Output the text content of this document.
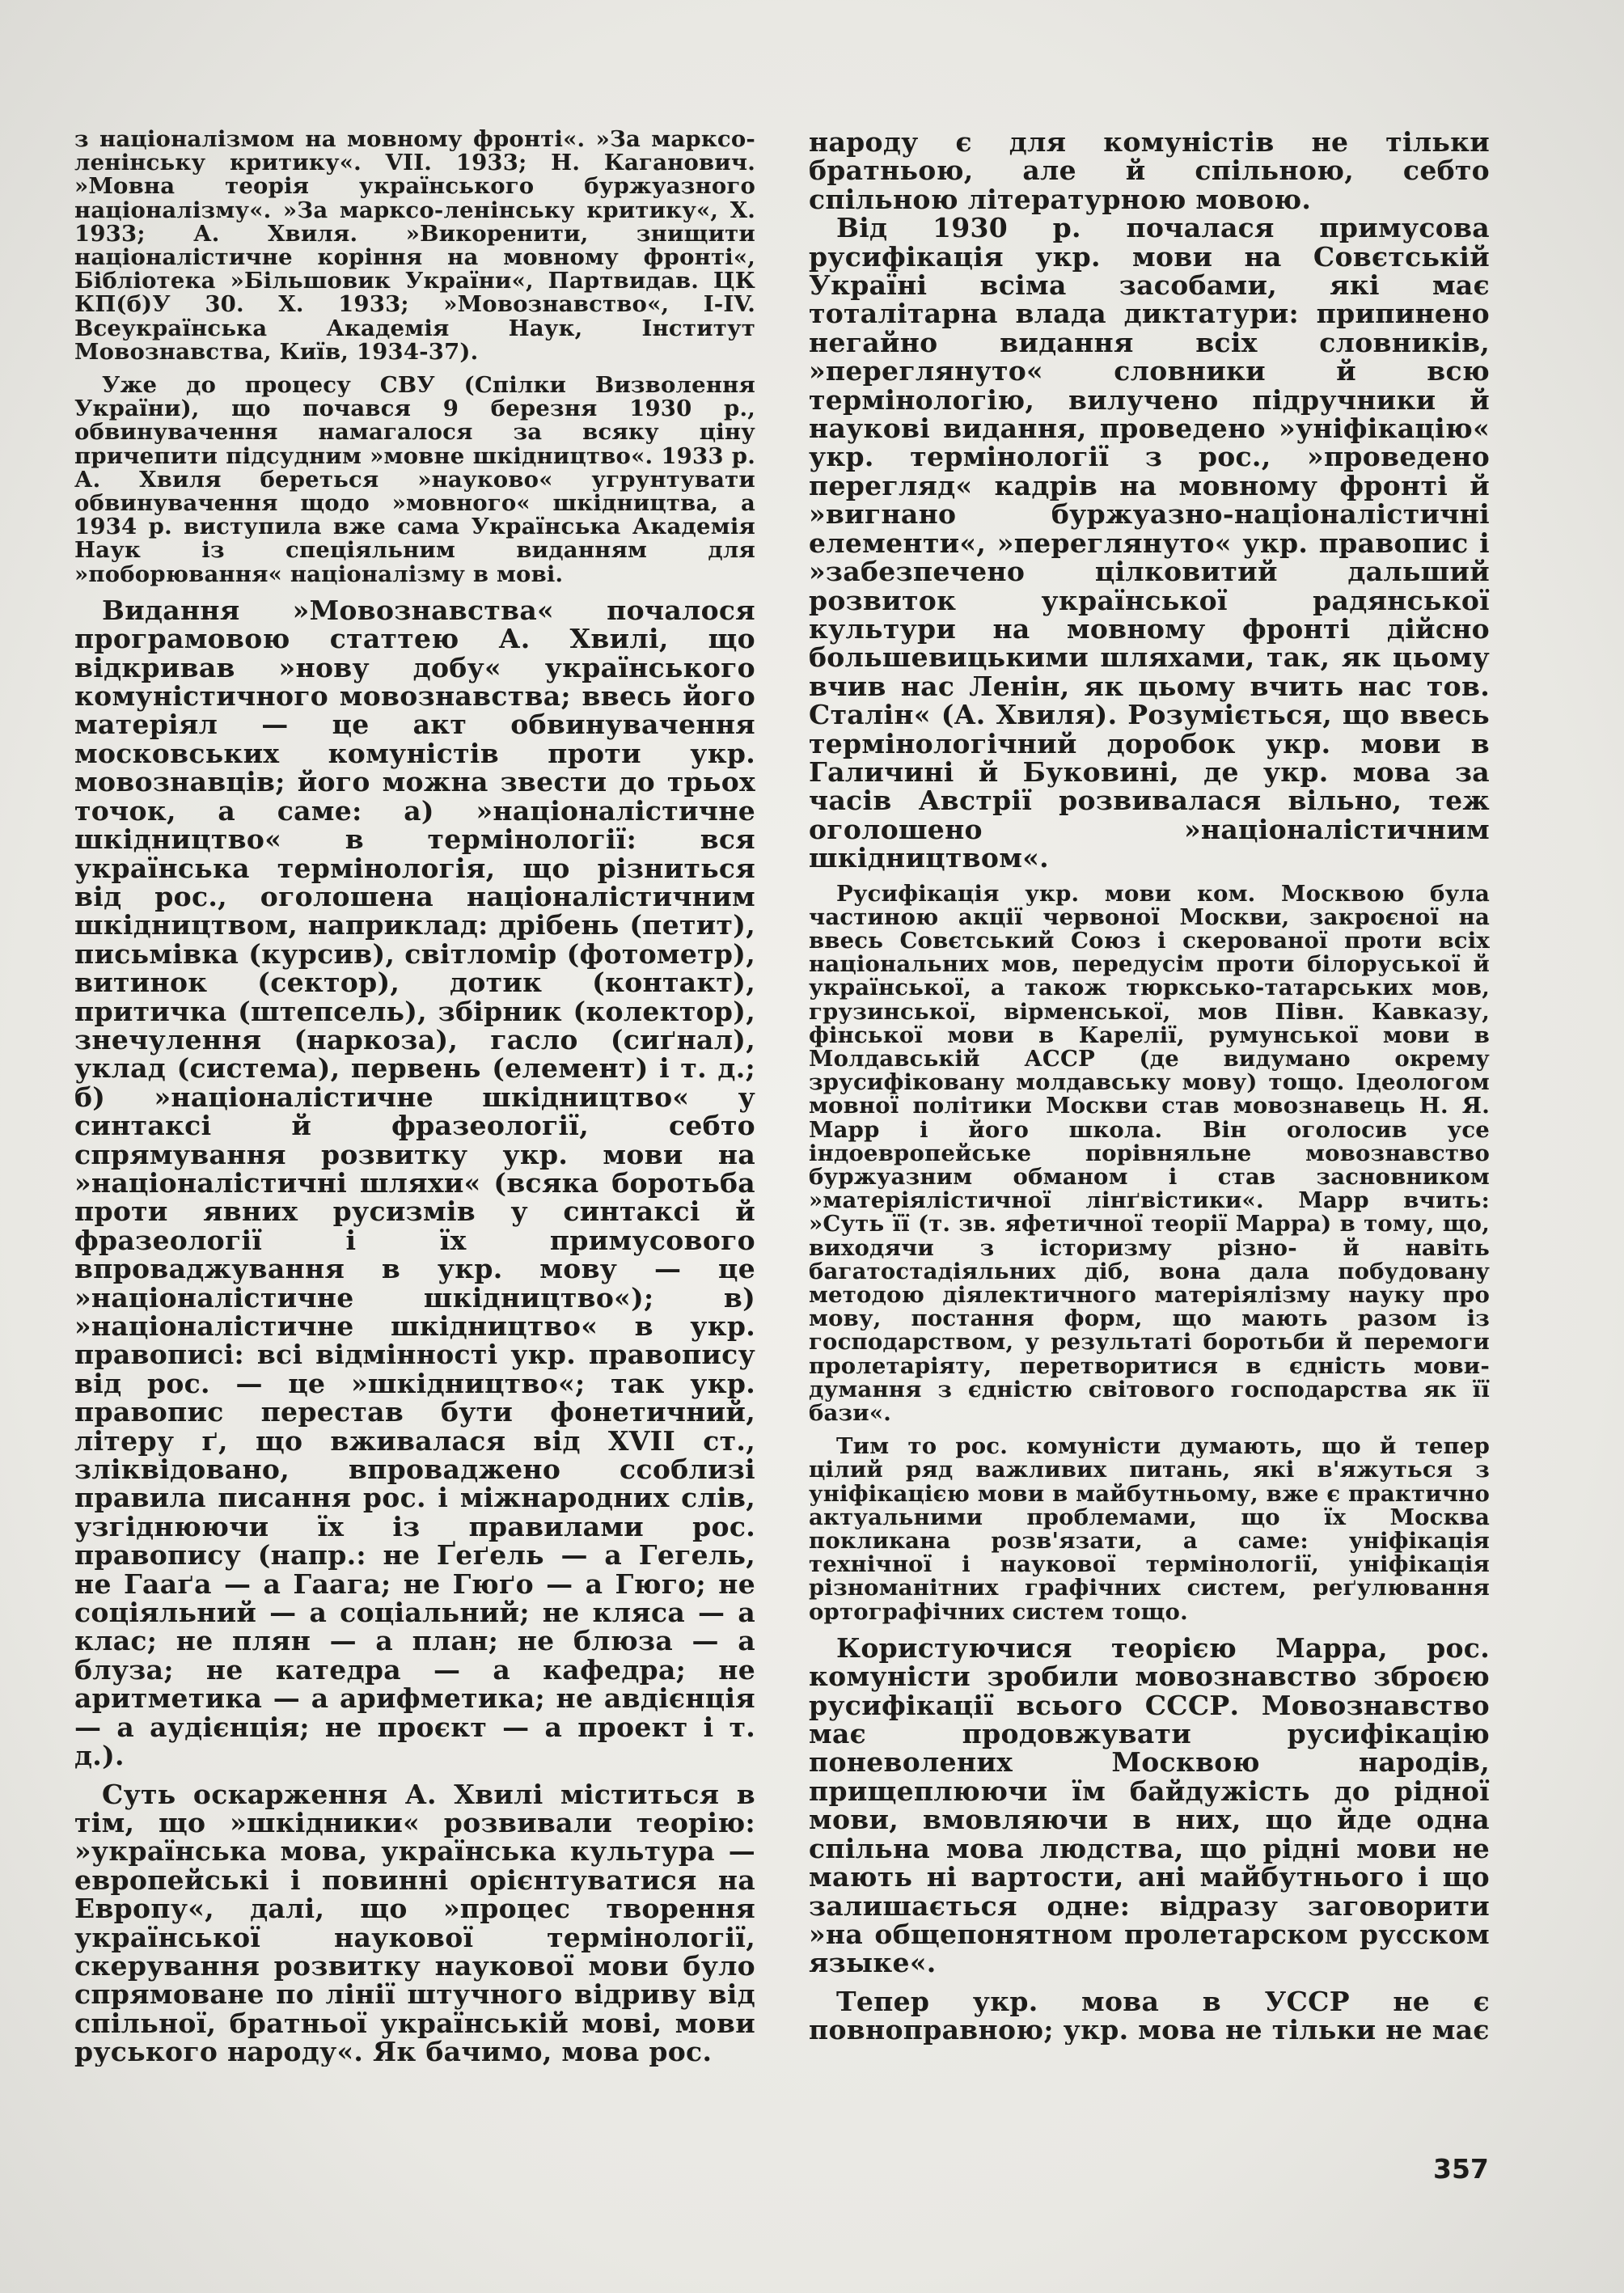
з націоналізмом на мовному фронті«. »За марксо-ленінську критику«. VII. 1933; Н. Каганович. »Мовна теорія українського буржуазного націоналізму«. »За марксо-ленінську критику«, X. 1933; А. Хвиля. »Викоренити, знищити націоналістичне коріння на мовному фронті«, Бібліотека »Більшовик України«, Партвидав. ЦК КП(б)У 30. X. 1933; »Мовознавство«, I-IV. Всеукраїнська Академія Наук, Інститут Мовознавства, Київ, 1934-37).

Уже до процесу СВУ (Спілки Визволення України), що почався 9 березня 1930 р., обвинувачення намагалося за всяку ціну причепити підсудним »мовне шкідництво«. 1933 р. А. Хвиля береться »науково« угрунтувати обвинувачення щодо »мовного« шкідництва, а 1934 р. виступила вже сама Українська Академія Наук із спеціяльним виданням для »поборювання« націоналізму в мові.

Видання »Мовознавства« почалося програмовою статтею А. Хвилі, що відкривав »нову добу« українського комуністичного мовознавства; ввесь його матеріял — це акт обвинувачення московських комуністів проти укр. мовознавців; його можна звести до трьох точок, а саме: а) »націоналістичне шкідництво« в термінології: вся українська термінологія, що різниться від рос., оголошена націоналістичним шкідництвом, наприклад: дрібень (петит), письмівка (курсив), світломір (фотометр), витинок (сектор), дотик (контакт), притичка (штепсель), збірник (колектор), знечулення (наркоза), гасло (сиґнал), уклад (система), первень (елемент) і т. д.; б) »націоналістичне шкідництво« у синтаксі й фразеології, себто спрямування розвитку укр. мови на »націоналістичні шляхи« (всяка боротьба проти явних русизмів у синтаксі й фразеології і їх примусового впроваджування в укр. мову — це »націоналістичне шкідництво«); в) »націоналістичне шкідництво« в укр. правописі: всі відмінності укр. правопису від рос. — це »шкідництво«; так укр. правопис перестав бути фонетичний, літеру ґ, що вживалася від XVII ст., зліквідовано, впроваджено ссоблизі правила писання рос. і міжнародних слів, узгіднюючи їх із правилами рос. правопису (напр.: не Ґеґель — а Гегель, не Гааґа — а Гаага; не Гюґо — а Гюго; не соціяльний — а соціальний; не кляса — а клас; не плян — а план; не блюза — а блуза; не катедра — а кафедра; не аритметика — а арифметика; не авдієнція — а аудієнція; не проєкт — а проект і т. д.).

Суть оскарження А. Хвилі міститься в тім, що »шкідники« розвивали теорію: »українська мова, українська культура — европейські і повинні орієнтуватися на Европу«, далі, що »процес творення української наукової термінології, скерування розвитку наукової мови було спрямоване по лінії штучного відриву від спільної, братньої українській мові, мови руського народу«. Як бачимо, мова рос.

народу є для комуністів не тільки братньою, але й спільною, себто спільною літературною мовою.

Від 1930 р. почалася примусова русифікація укр. мови на Совєтській Україні всіма засобами, які має тоталітарна влада диктатури: припинено негайно видання всіх словників, »переглянуто« словники й всю термінологію, вилучено підручники й наукові видання, проведено »уніфікацію« укр. термінології з рос., »проведено перегляд« кадрів на мовному фронті й »вигнано буржуазно-націоналістичні елементи«, »переглянуто« укр. правопис і »забезпечено цілковитий дальший розвиток української радянської культури на мовному фронті дійсно большевицькими шляхами, так, як цьому вчив нас Ленін, як цьому вчить нас тов. Сталін« (А. Хвиля). Розуміється, що ввесь термінологічний доробок укр. мови в Галичині й Буковині, де укр. мова за часів Австрії розвивалася вільно, теж оголошено »націоналістичним шкідництвом«.

Русифікація укр. мови ком. Москвою була частиною акції червоної Москви, закроєної на ввесь Совєтський Союз і скерованої проти всіх національних мов, передусім проти білоруської й української, а також тюркcько-татарських мов, грузинської, вірменської, мов Півн. Кавказу, фінської мови в Карелії, румунської мови в Молдавській АССР (де видумано окрему зрусифіковану молдавську мову) тощо. Ідеологом мовної політики Москви став мовознавець Н. Я. Марр і його школа. Він оголосив усе індоевропейське порівняльне мовознавство буржуазним обманом і став засновником »матеріялістичної лінґвістики«. Марр вчить: »Суть її (т. зв. яфетичної теорії Марра) в тому, що, виходячи з історизму різно- й навіть багатостадіяльних діб, вона дала побудовану методою діялектичного матеріялізму науку про мову, постання форм, що мають разом із господарством, у результаті боротьби й перемоги пролетаріяту, перетворитися в єдність мови-думання з єдністю світового господарства як її бази«.

Тим то рос. комуністи думають, що й тепер цілий ряд важливих питань, які в'яжуться з уніфікацією мови в майбутньому, вже є практично актуальними проблемами, що їх Москва покликана розв'язати, а саме: уніфікація технічної і наукової термінології, уніфікація різноманітних графічних систем, реґулювання ортографічних систем тощо.

Користуючися теорією Марра, рос. комуністи зробили мовознавство зброєю русифікації всього СССР. Мовознавство має продовжувати русифікацію поневолених Москвою народів, прищеплюючи їм байдужість до рідної мови, вмовляючи в них, що йде одна спільна мова людства, що рідні мови не мають ні вартости, ані майбутнього і що залишається одне: відразу заговорити »на общепонятном пролетарском русском языке«.

Тепер укр. мова в УССР не є повноправною; укр. мова не тільки не має

357
